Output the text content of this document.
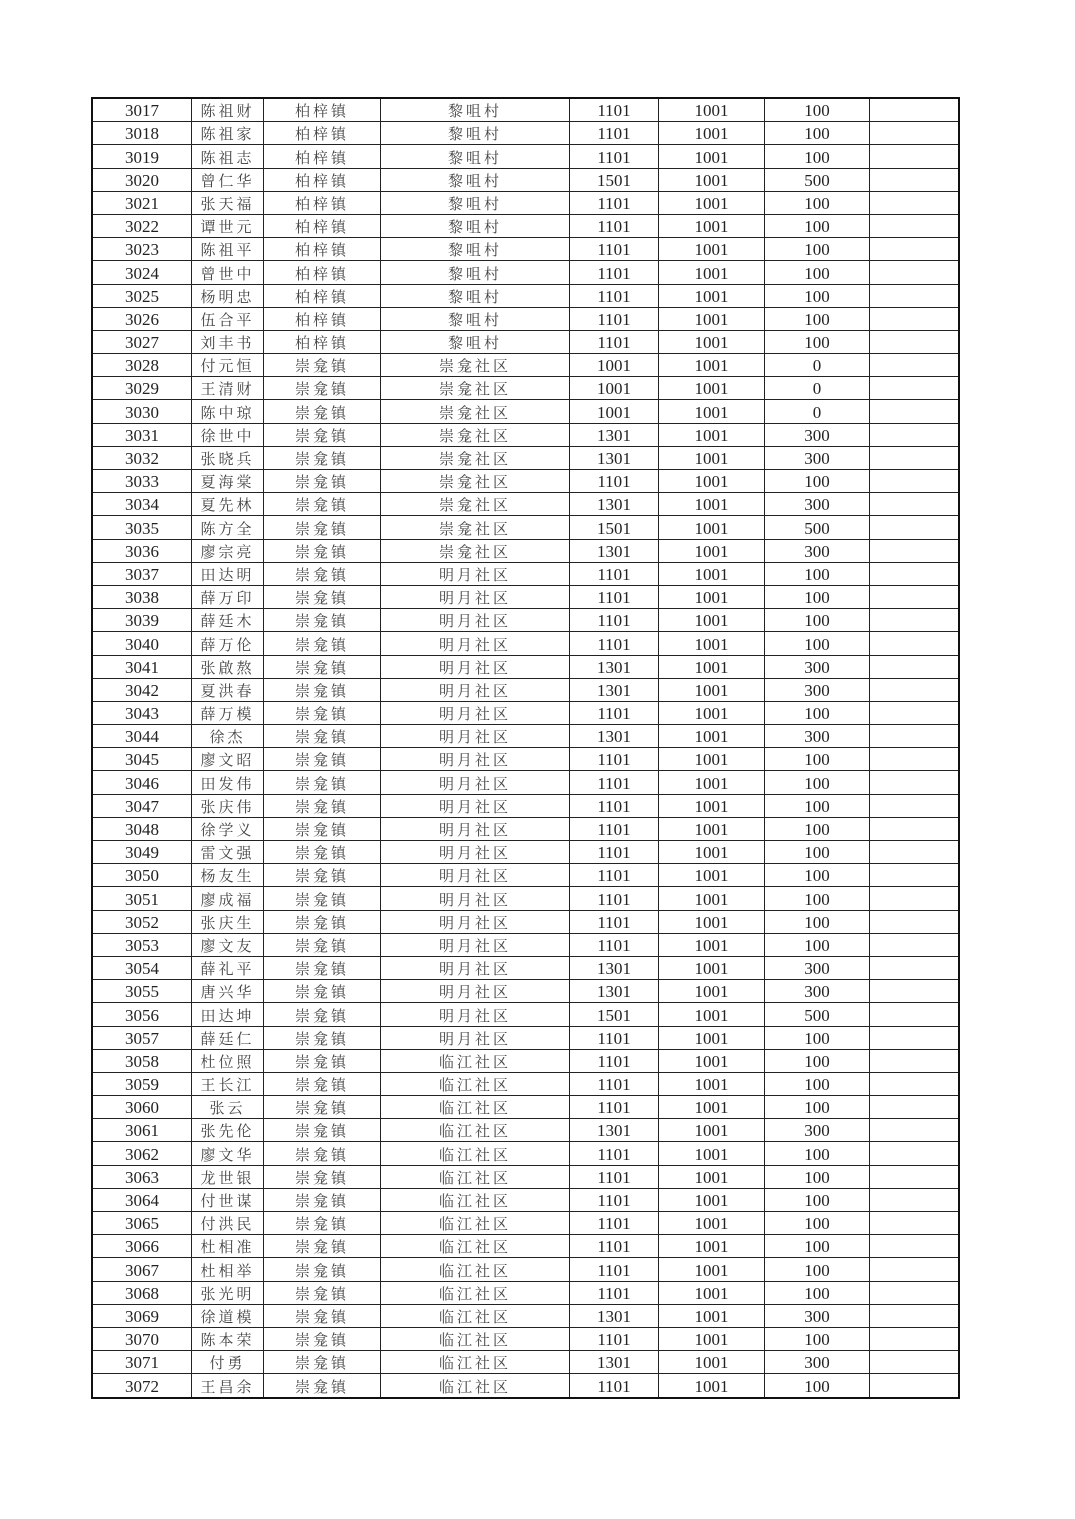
3017	陈祖财	柏梓镇	黎咀村	1101	1001	100	
3018	陈祖家	柏梓镇	黎咀村	1101	1001	100	
3019	陈祖志	柏梓镇	黎咀村	1101	1001	100	
3020	曾仁华	柏梓镇	黎咀村	1501	1001	500	
3021	张天福	柏梓镇	黎咀村	1101	1001	100	
3022	谭世元	柏梓镇	黎咀村	1101	1001	100	
3023	陈祖平	柏梓镇	黎咀村	1101	1001	100	
3024	曾世中	柏梓镇	黎咀村	1101	1001	100	
3025	杨明忠	柏梓镇	黎咀村	1101	1001	100	
3026	伍合平	柏梓镇	黎咀村	1101	1001	100	
3027	刘丰书	柏梓镇	黎咀村	1101	1001	100	
3028	付元恒	崇龛镇	崇龛社区	1001	1001	0	
3029	王清财	崇龛镇	崇龛社区	1001	1001	0	
3030	陈中琼	崇龛镇	崇龛社区	1001	1001	0	
3031	徐世中	崇龛镇	崇龛社区	1301	1001	300	
3032	张晓兵	崇龛镇	崇龛社区	1301	1001	300	
3033	夏海棠	崇龛镇	崇龛社区	1101	1001	100	
3034	夏先林	崇龛镇	崇龛社区	1301	1001	300	
3035	陈方全	崇龛镇	崇龛社区	1501	1001	500	
3036	廖宗亮	崇龛镇	崇龛社区	1301	1001	300	
3037	田达明	崇龛镇	明月社区	1101	1001	100	
3038	薛万印	崇龛镇	明月社区	1101	1001	100	
3039	薛廷木	崇龛镇	明月社区	1101	1001	100	
3040	薛万伦	崇龛镇	明月社区	1101	1001	100	
3041	张啟熬	崇龛镇	明月社区	1301	1001	300	
3042	夏洪春	崇龛镇	明月社区	1301	1001	300	
3043	薛万模	崇龛镇	明月社区	1101	1001	100	
3044	徐杰	崇龛镇	明月社区	1301	1001	300	
3045	廖文昭	崇龛镇	明月社区	1101	1001	100	
3046	田发伟	崇龛镇	明月社区	1101	1001	100	
3047	张庆伟	崇龛镇	明月社区	1101	1001	100	
3048	徐学义	崇龛镇	明月社区	1101	1001	100	
3049	雷文强	崇龛镇	明月社区	1101	1001	100	
3050	杨友生	崇龛镇	明月社区	1101	1001	100	
3051	廖成福	崇龛镇	明月社区	1101	1001	100	
3052	张庆生	崇龛镇	明月社区	1101	1001	100	
3053	廖文友	崇龛镇	明月社区	1101	1001	100	
3054	薛礼平	崇龛镇	明月社区	1301	1001	300	
3055	唐兴华	崇龛镇	明月社区	1301	1001	300	
3056	田达坤	崇龛镇	明月社区	1501	1001	500	
3057	薛廷仁	崇龛镇	明月社区	1101	1001	100	
3058	杜位照	崇龛镇	临江社区	1101	1001	100	
3059	王长江	崇龛镇	临江社区	1101	1001	100	
3060	张云	崇龛镇	临江社区	1101	1001	100	
3061	张先伦	崇龛镇	临江社区	1301	1001	300	
3062	廖文华	崇龛镇	临江社区	1101	1001	100	
3063	龙世银	崇龛镇	临江社区	1101	1001	100	
3064	付世谋	崇龛镇	临江社区	1101	1001	100	
3065	付洪民	崇龛镇	临江社区	1101	1001	100	
3066	杜相准	崇龛镇	临江社区	1101	1001	100	
3067	杜相举	崇龛镇	临江社区	1101	1001	100	
3068	张光明	崇龛镇	临江社区	1101	1001	100	
3069	徐道模	崇龛镇	临江社区	1301	1001	300	
3070	陈本荣	崇龛镇	临江社区	1101	1001	100	
3071	付勇	崇龛镇	临江社区	1301	1001	300	
3072	王昌余	崇龛镇	临江社区	1101	1001	100	
